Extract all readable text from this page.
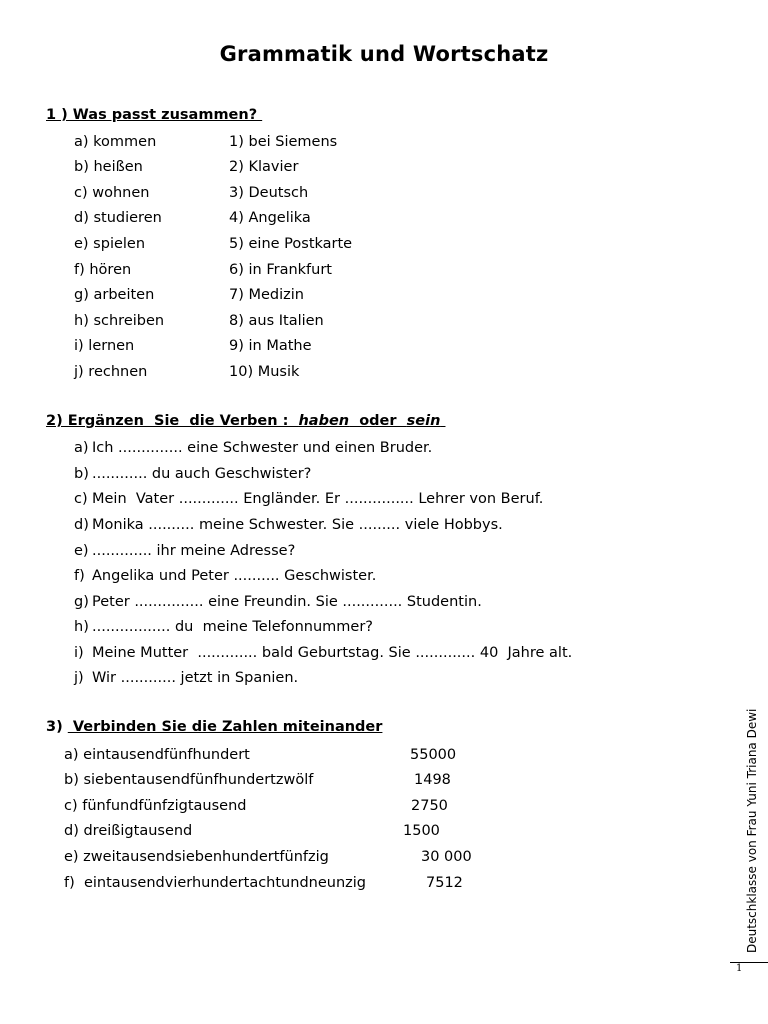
Grammatik und Wortschatz
1 ) Was passt zusammen?
a) kommen	1) bei Siemens
b) heißen	2) Klavier
c) wohnen	3) Deutsch
d) studieren	4) Angelika
e) spielen	5) eine Postkarte
f) hören	6) in Frankfurt
g) arbeiten	7) Medizin
h) schreiben	8) aus Italien
i) lernen	9) in Mathe
j) rechnen	10) Musik
2) Ergänzen  Sie  die Verben :  haben  oder  sein
a) Ich .............. eine Schwester und einen Bruder.
b) ............ du auch Geschwister?
c) Mein  Vater ............. Engländer. Er ............... Lehrer von Beruf.
d) Monika .......... meine Schwester. Sie ......... viele Hobbys.
e) ............. ihr meine Adresse?
f) Angelika und Peter .......... Geschwister.
g) Peter ............... eine Freundin. Sie ............. Studentin.
h) ................. du  meine Telefonnummer?
i) Meine Mutter  ............. bald Geburtstag. Sie ............. 40  Jahre alt.
j) Wir ............ jetzt in Spanien.
3)  Verbinden Sie die Zahlen miteinander
a) eintausendfünfhundert	55000
b) siebentausendfünfhundertzwölf	1498
c) fünfundfünfzigtausend	2750
d) dreißigtausend	1500
e) zweitausendsiebenhundertfünfzig	30 000
f)  eintausendvierhundertachtundneunzig	7512	Deutschklasse von Frau Yuni Triana Dewi
1
